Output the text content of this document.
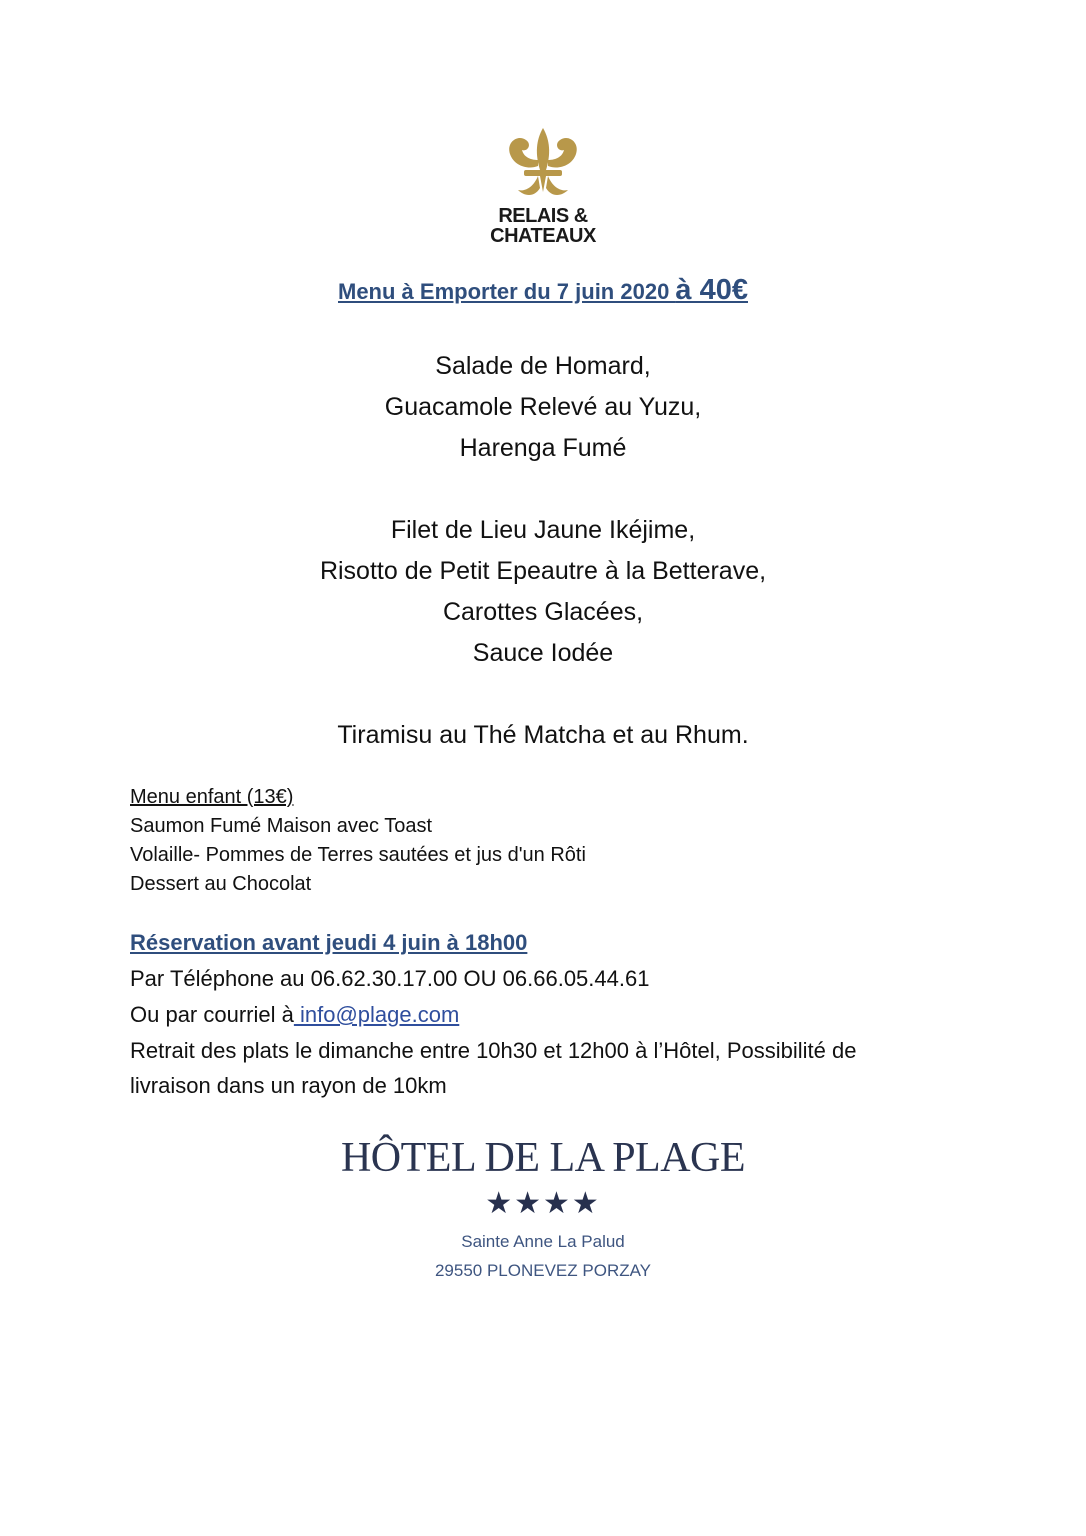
RELAIS &
CHATEAUX
Menu à Emporter du 7 juin 2020 à 40€
Salade de Homard,
Guacamole Relevé au Yuzu,
Harenga Fumé
Filet de Lieu Jaune Ikéjime,
Risotto de Petit Epeautre à la Betterave,
Carottes Glacées,
Sauce Iodée
Tiramisu au Thé Matcha et au Rhum.
Menu enfant (13€)
Saumon Fumé Maison avec Toast
Volaille- Pommes de Terres sautées et jus d'un Rôti
Dessert au Chocolat
Réservation avant jeudi 4 juin à 18h00
Par Téléphone au 06.62.30.17.00 OU 06.66.05.44.61
Ou par courriel à info@plage.com
Retrait des plats le dimanche entre 10h30 et 12h00 à l’Hôtel, Possibilité de
livraison dans un rayon de 10km
HÔTEL DE LA PLAGE
★★★★
Sainte Anne La Palud
29550 PLONEVEZ PORZAY
